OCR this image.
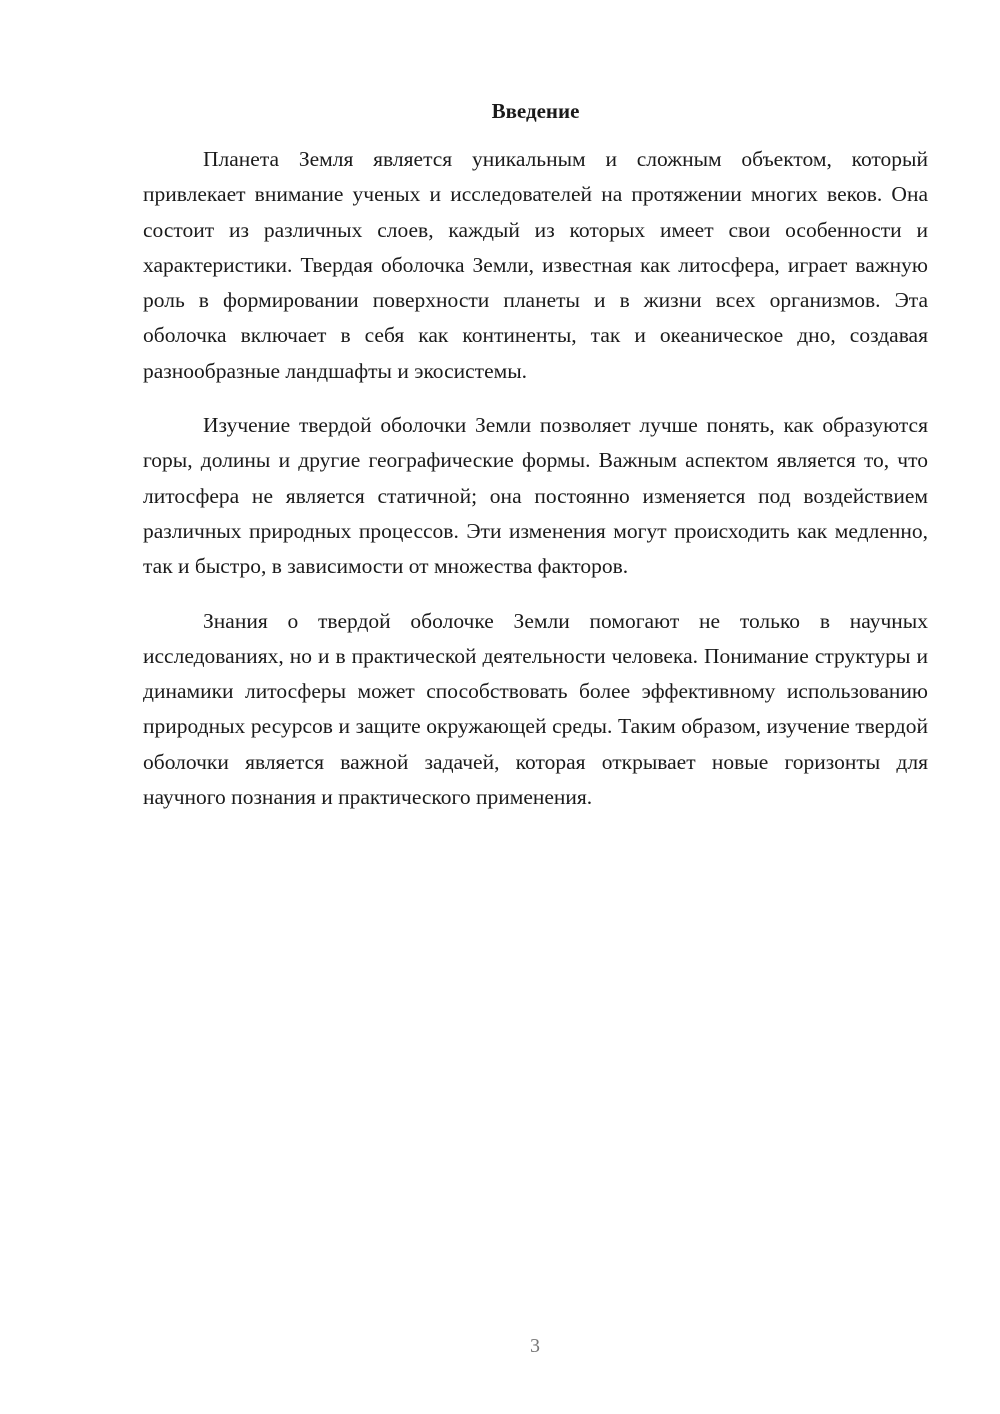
Введение

Планета Земля является уникальным и сложным объектом, который привлекает внимание ученых и исследователей на протяжении многих веков. Она состоит из различных слоев, каждый из которых имеет свои особенности и характеристики. Твердая оболочка Земли, известная как литосфера, играет важную роль в формировании поверхности планеты и в жизни всех организмов. Эта оболочка включает в себя как континенты, так и океаническое дно, создавая разнообразные ландшафты и экосистемы.

Изучение твердой оболочки Земли позволяет лучше понять, как образуются горы, долины и другие географические формы. Важным аспектом является то, что литосфера не является статичной; она постоянно изменяется под воздействием различных природных процессов. Эти изменения могут происходить как медленно, так и быстро, в зависимости от множества факторов.

Знания о твердой оболочке Земли помогают не только в научных исследованиях, но и в практической деятельности человека. Понимание структуры и динамики литосферы может способствовать более эффективному использованию природных ресурсов и защите окружающей среды. Таким образом, изучение твердой оболочки является важной задачей, которая открывает новые горизонты для научного познания и практического применения.

3
